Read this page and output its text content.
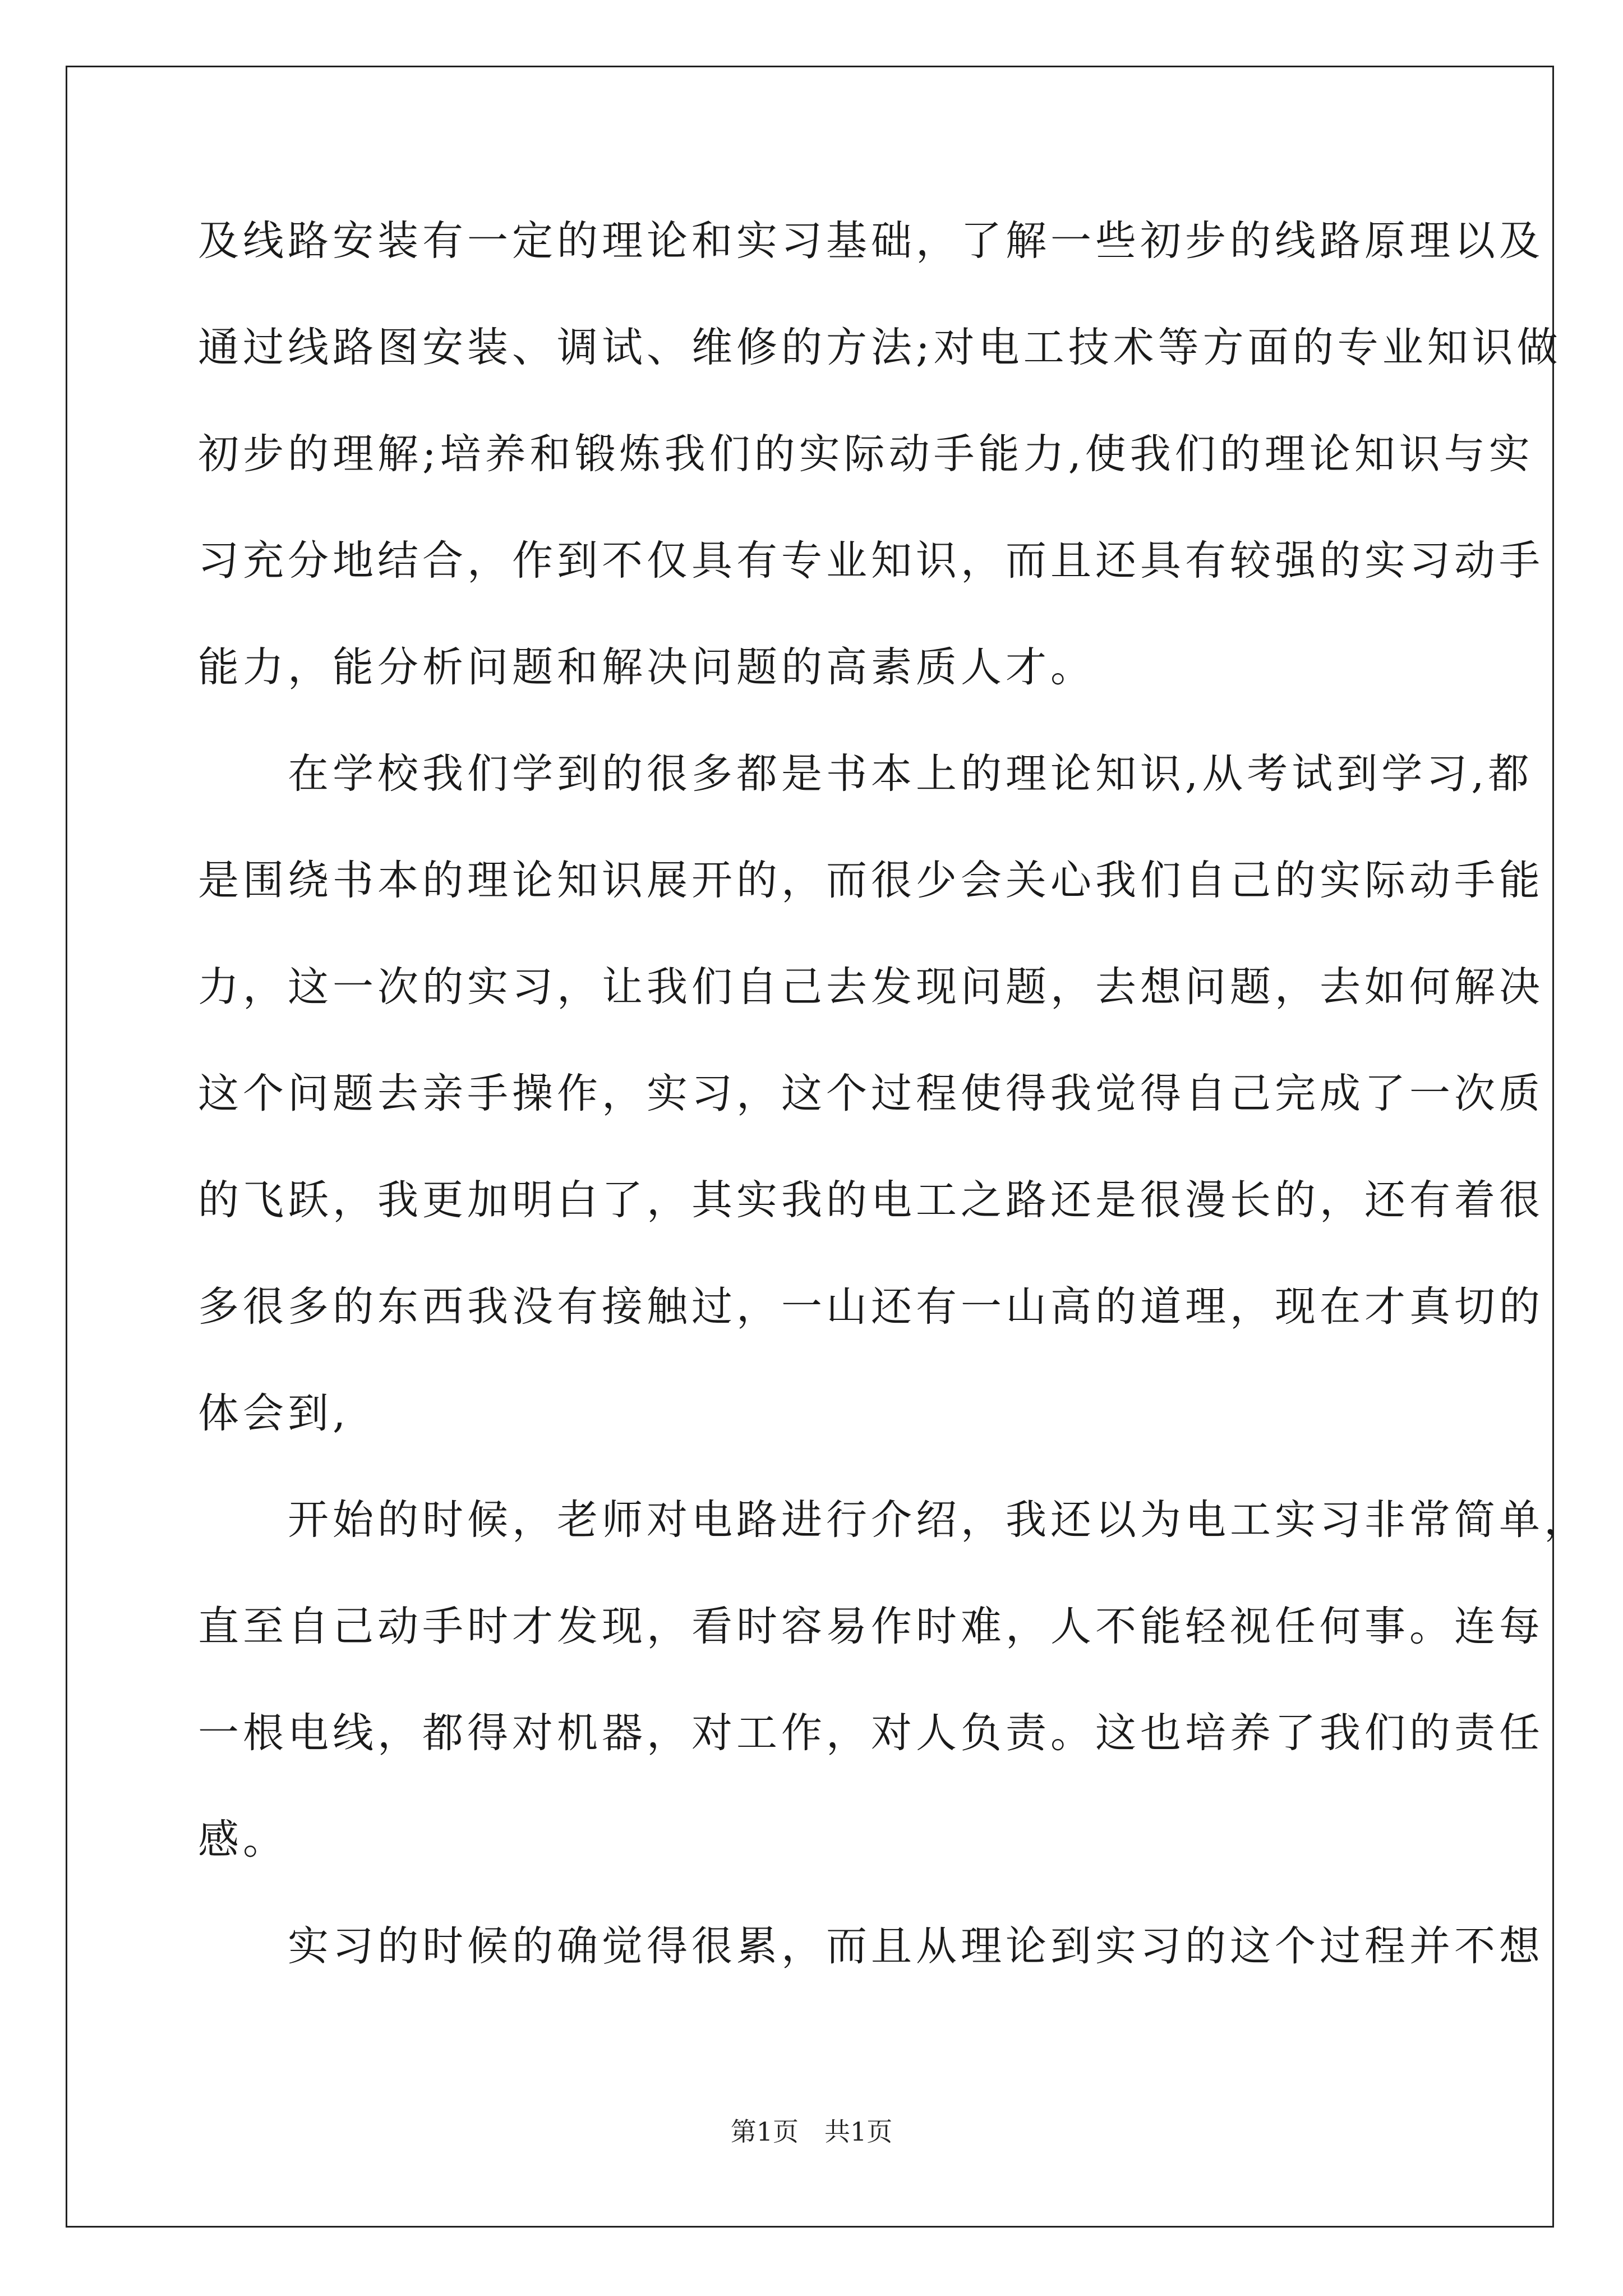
及线路安装有一定的理论和实习基础，了解一些初步的线路原理以及
通过线路图安装、调试、维修的方法;对电工技术等方面的专业知识做
初步的理解;培养和锻炼我们的实际动手能力,使我们的理论知识与实
习充分地结合，作到不仅具有专业知识，而且还具有较强的实习动手
能力，能分析问题和解决问题的高素质人才。
　　在学校我们学到的很多都是书本上的理论知识,从考试到学习,都
是围绕书本的理论知识展开的，而很少会关心我们自己的实际动手能
力，这一次的实习，让我们自己去发现问题，去想问题，去如何解决
这个问题去亲手操作，实习，这个过程使得我觉得自己完成了一次质
的飞跃，我更加明白了，其实我的电工之路还是很漫长的，还有着很
多很多的东西我没有接触过，一山还有一山高的道理，现在才真切的
体会到,
　　开始的时候，老师对电路进行介绍，我还以为电工实习非常简单，
直至自己动手时才发现，看时容易作时难，人不能轻视任何事。连每
一根电线，都得对机器，对工作，对人负责。这也培养了我们的责任
感。
　　实习的时候的确觉得很累，而且从理论到实习的这个过程并不想
第1页　共1页
